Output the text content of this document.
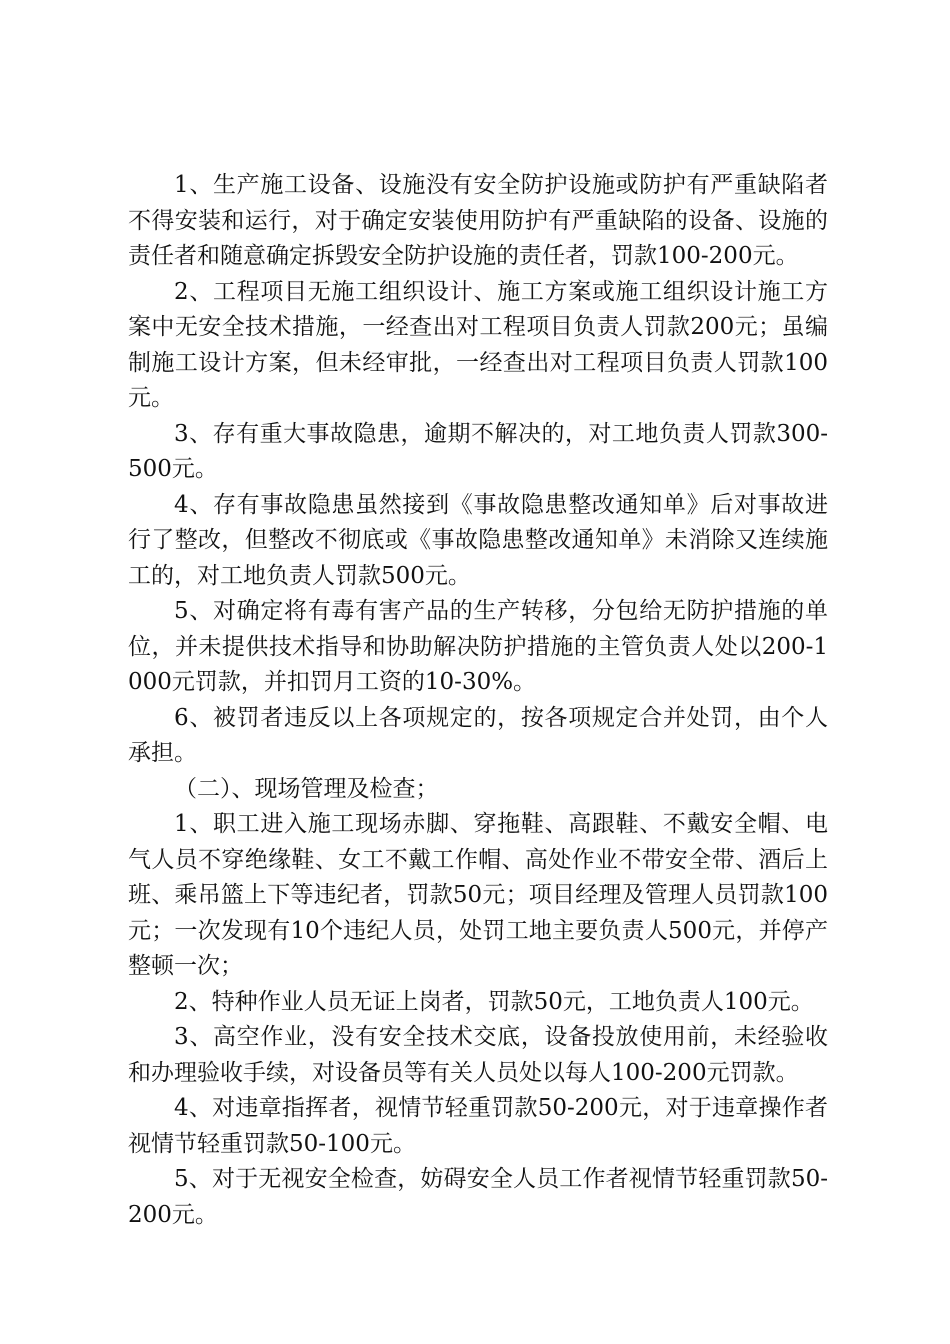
1、生产施工设备、设施没有安全防护设施或防护有严重缺陷者不得安装和运行，对于确定安装使用防护有严重缺陷的设备、设施的责任者和随意确定拆毁安全防护设施的责任者，罚款100-200元。

2、工程项目无施工组织设计、施工方案或施工组织设计施工方案中无安全技术措施，一经查出对工程项目负责人罚款200元；虽编制施工设计方案，但未经审批，一经查出对工程项目负责人罚款100元。

3、存有重大事故隐患，逾期不解决的，对工地负责人罚款300-500元。

4、存有事故隐患虽然接到《事故隐患整改通知单》后对事故进行了整改，但整改不彻底或《事故隐患整改通知单》未消除又连续施工的，对工地负责人罚款500元。

5、对确定将有毒有害产品的生产转移，分包给无防护措施的单位，并未提供技术指导和协助解决防护措施的主管负责人处以200-1000元罚款，并扣罚月工资的10-30%。

6、被罚者违反以上各项规定的，按各项规定合并处罚，由个人承担。

（二）、现场管理及检查；

1、职工进入施工现场赤脚、穿拖鞋、高跟鞋、不戴安全帽、电气人员不穿绝缘鞋、女工不戴工作帽、高处作业不带安全带、酒后上班、乘吊篮上下等违纪者，罚款50元；项目经理及管理人员罚款100元；一次发现有10个违纪人员，处罚工地主要负责人500元，并停产整顿一次；

2、特种作业人员无证上岗者，罚款50元，工地负责人100元。

3、高空作业，没有安全技术交底，设备投放使用前，未经验收和办理验收手续，对设备员等有关人员处以每人100-200元罚款。

4、对违章指挥者，视情节轻重罚款50-200元，对于违章操作者视情节轻重罚款50-100元。

5、对于无视安全检查，妨碍安全人员工作者视情节轻重罚款50-200元。
